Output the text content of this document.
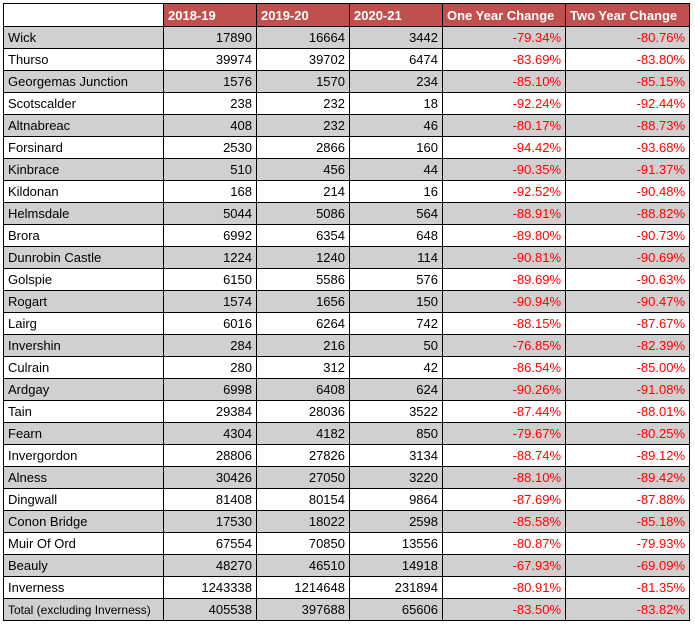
	2018-19	2019-20	2020-21	One Year Change	Two Year Change
Wick	17890	16664	3442	-79.34%	-80.76%
Thurso	39974	39702	6474	-83.69%	-83.80%
Georgemas Junction	1576	1570	234	-85.10%	-85.15%
Scotscalder	238	232	18	-92.24%	-92.44%
Altnabreac	408	232	46	-80.17%	-88.73%
Forsinard	2530	2866	160	-94.42%	-93.68%
Kinbrace	510	456	44	-90.35%	-91.37%
Kildonan	168	214	16	-92.52%	-90.48%
Helmsdale	5044	5086	564	-88.91%	-88.82%
Brora	6992	6354	648	-89.80%	-90.73%
Dunrobin Castle	1224	1240	114	-90.81%	-90.69%
Golspie	6150	5586	576	-89.69%	-90.63%
Rogart	1574	1656	150	-90.94%	-90.47%
Lairg	6016	6264	742	-88.15%	-87.67%
Invershin	284	216	50	-76.85%	-82.39%
Culrain	280	312	42	-86.54%	-85.00%
Ardgay	6998	6408	624	-90.26%	-91.08%
Tain	29384	28036	3522	-87.44%	-88.01%
Fearn	4304	4182	850	-79.67%	-80.25%
Invergordon	28806	27826	3134	-88.74%	-89.12%
Alness	30426	27050	3220	-88.10%	-89.42%
Dingwall	81408	80154	9864	-87.69%	-87.88%
Conon Bridge	17530	18022	2598	-85.58%	-85.18%
Muir Of Ord	67554	70850	13556	-80.87%	-79.93%
Beauly	48270	46510	14918	-67.93%	-69.09%
Inverness	1243338	1214648	231894	-80.91%	-81.35%
Total (excluding Inverness)	405538	397688	65606	-83.50%	-83.82%
